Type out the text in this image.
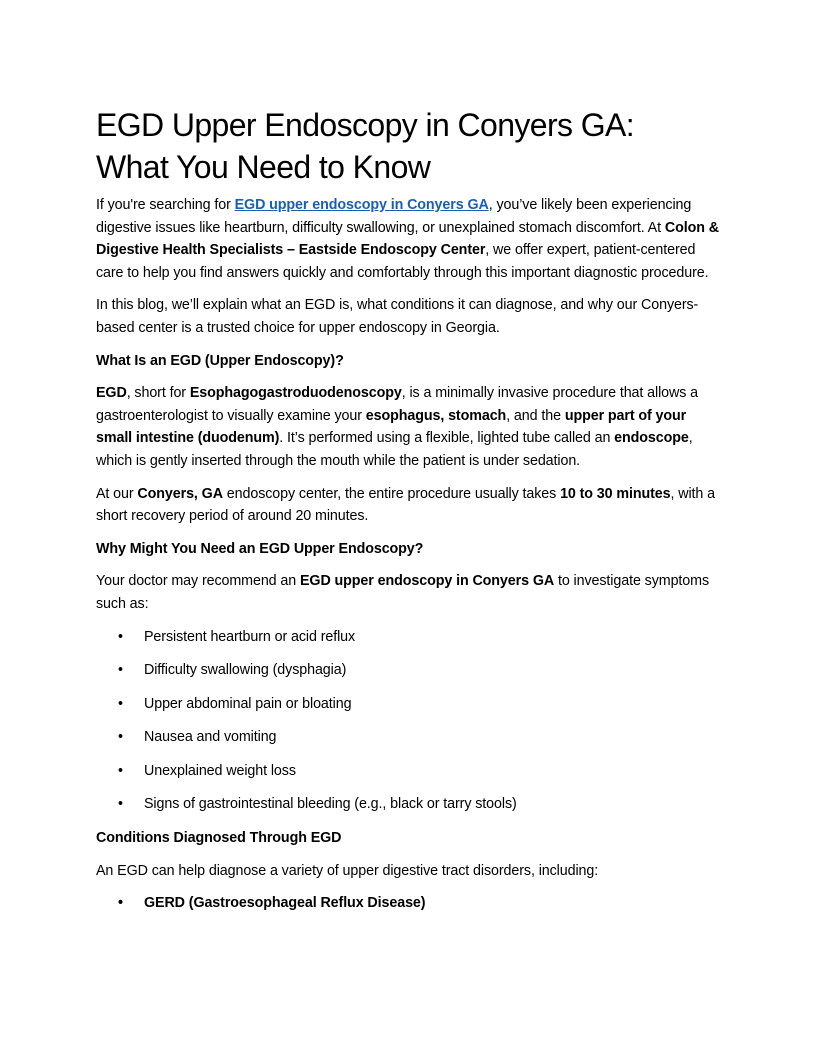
EGD Upper Endoscopy in Conyers GA:
What You Need to Know

If you're searching for EGD upper endoscopy in Conyers GA, you’ve likely been experiencing digestive issues like heartburn, difficulty swallowing, or unexplained stomach discomfort. At Colon & Digestive Health Specialists – Eastside Endoscopy Center, we offer expert, patient-centered care to help you find answers quickly and comfortably through this important diagnostic procedure.

In this blog, we’ll explain what an EGD is, what conditions it can diagnose, and why our Conyers-based center is a trusted choice for upper endoscopy in Georgia.

What Is an EGD (Upper Endoscopy)?

EGD, short for Esophagogastroduodenoscopy, is a minimally invasive procedure that allows a gastroenterologist to visually examine your esophagus, stomach, and the upper part of your small intestine (duodenum). It’s performed using a flexible, lighted tube called an endoscope, which is gently inserted through the mouth while the patient is under sedation.

At our Conyers, GA endoscopy center, the entire procedure usually takes 10 to 30 minutes, with a short recovery period of around 20 minutes.

Why Might You Need an EGD Upper Endoscopy?

Your doctor may recommend an EGD upper endoscopy in Conyers GA to investigate symptoms such as:

• Persistent heartburn or acid reflux
• Difficulty swallowing (dysphagia)
• Upper abdominal pain or bloating
• Nausea and vomiting
• Unexplained weight loss
• Signs of gastrointestinal bleeding (e.g., black or tarry stools)

Conditions Diagnosed Through EGD

An EGD can help diagnose a variety of upper digestive tract disorders, including:

• GERD (Gastroesophageal Reflux Disease)
